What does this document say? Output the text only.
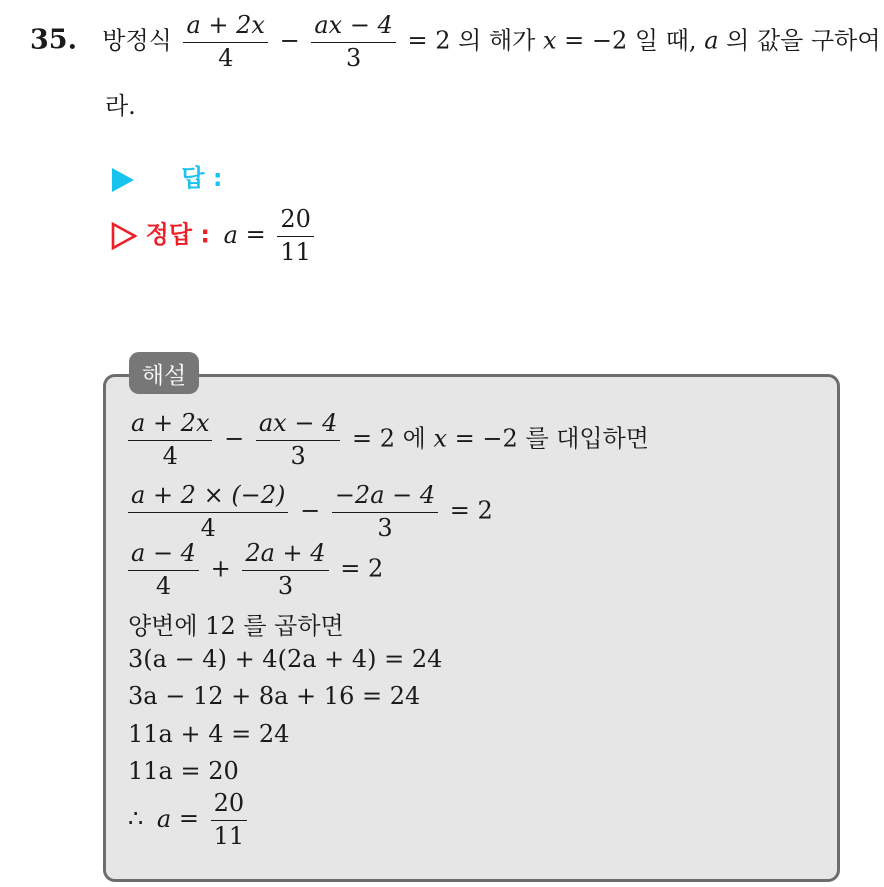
35. 방정식 $\frac{a + 2x}{4} - \frac{ax - 4}{3} = 2$ 의 해가 x = −2 일 때, a 의 값을 구하여
라.
답 :
정답 : $a = \frac{20}{11}$
해설
$\frac{a + 2x}{4} - \frac{ax - 4}{3} = 2$ 에 x = −2 를 대입하면
$\frac{a + 2 \times (-2)}{4} - \frac{-2a - 4}{3} = 2$
$\frac{a - 4}{4} + \frac{2a + 4}{3} = 2$
양변에 12 를 곱하면
3(a − 4) + 4(2a + 4) = 24
3a − 12 + 8a + 16 = 24
11a + 4 = 24
11a = 20
∴ $a = \frac{20}{11}$
